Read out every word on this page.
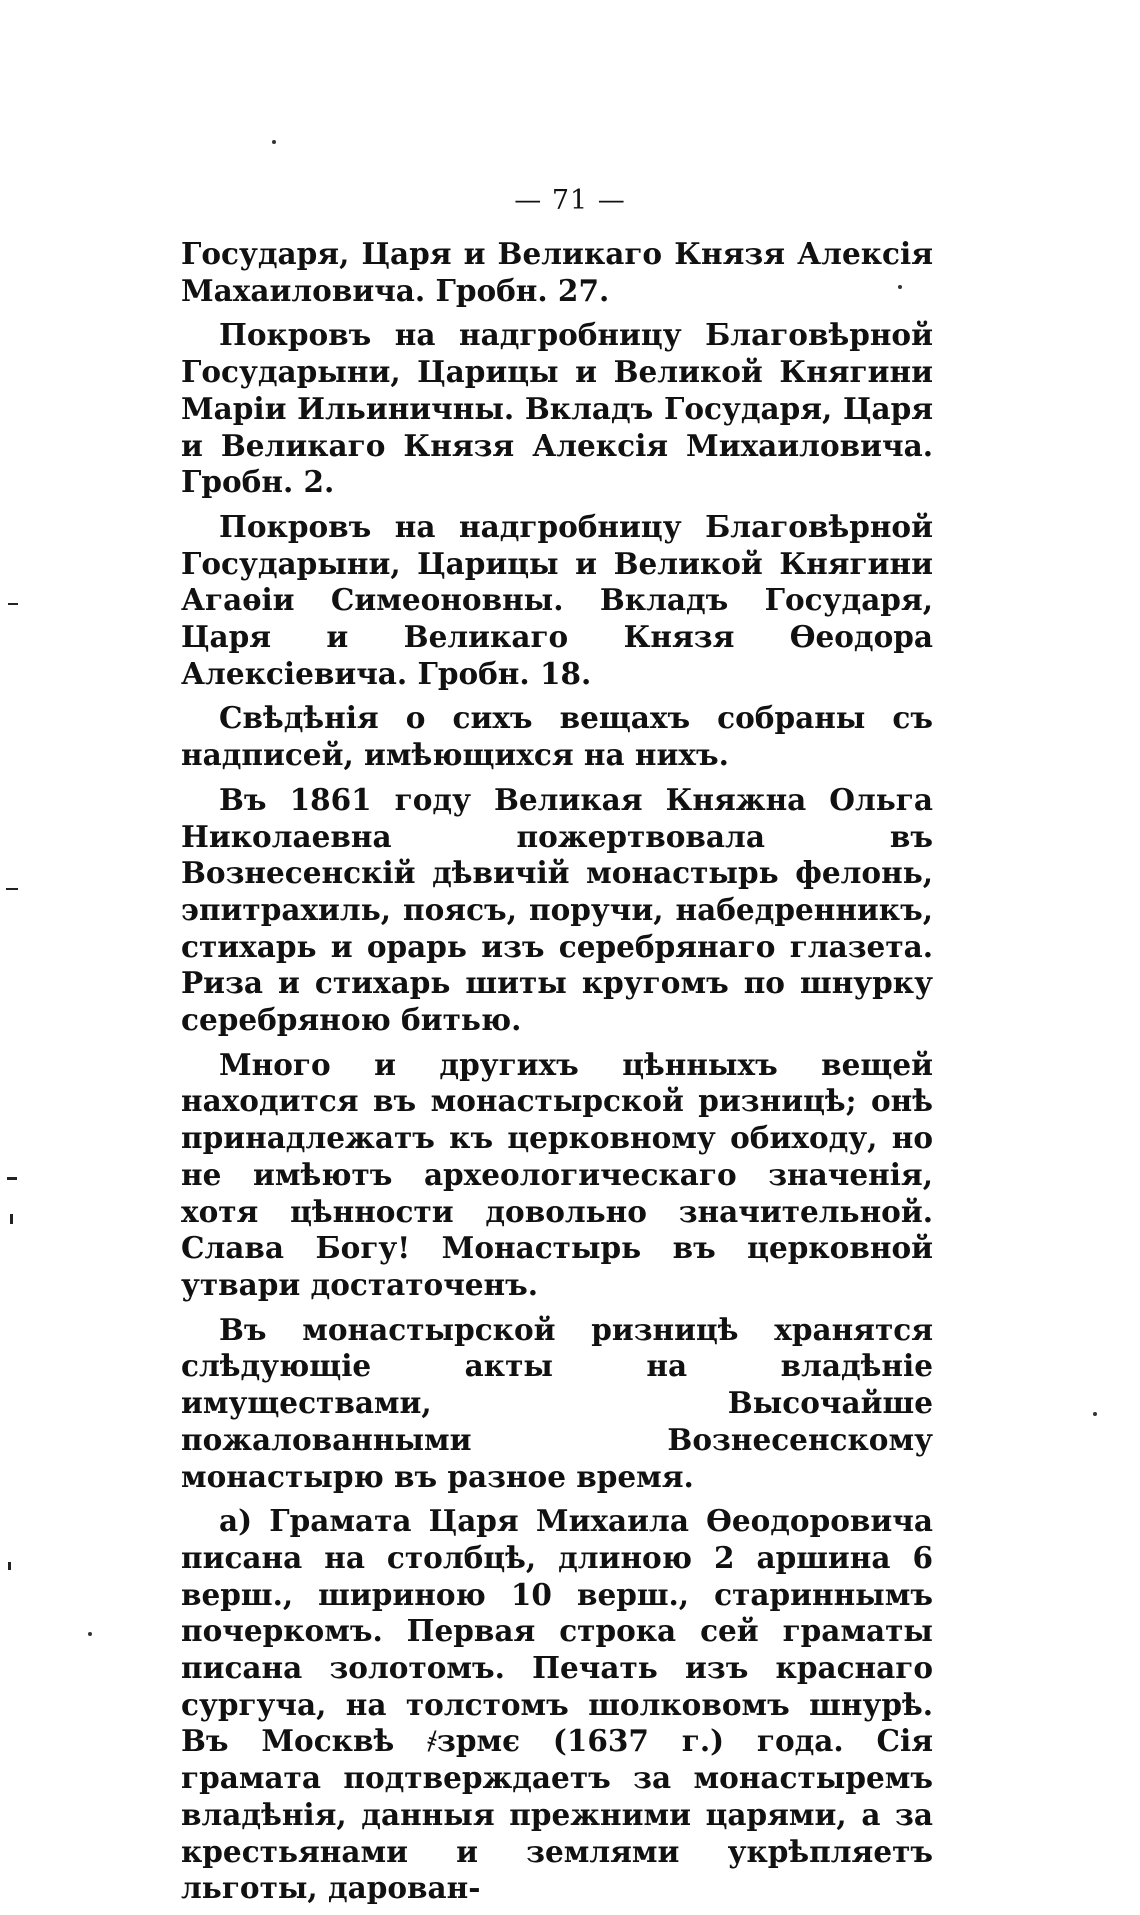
— 71 —

Государя, Царя и Великаго Князя Алексія Махаиловича. Гробн. 27.

Покровъ на надгробницу Благовѣрной Государыни, Царицы и Великой Княгини Маріи Ильиничны. Вкладъ Государя, Царя и Великаго Князя Алексія Михаиловича. Гробн. 2.

Покровъ на надгробницу Благовѣрной Государыни, Царицы и Великой Княгини Агаѳіи Симеоновны. Вкладъ Государя, Царя и Великаго Князя Ѳеодора Алексіевича. Гробн. 18.

Свѣдѣнія о сихъ вещахъ собраны съ надписей, имѣющихся на нихъ.

Въ 1861 году Великая Княжна Ольга Николаевна пожертвовала въ Вознесенскій дѣвичій монастырь фелонь, эпитрахиль, поясъ, поручи, набедренникъ, стихарь и орарь изъ серебрянаго глазета. Риза и стихарь шиты кругомъ по шнурку серебряною битью.

Много и другихъ цѣнныхъ вещей находится въ монастырской ризницѣ; онѣ принадлежатъ къ церковному обиходу, но не имѣютъ археологическаго значенія, хотя цѣнности довольно значительной. Слава Богу! Монастырь въ церковной утвари достаточенъ.

Въ монастырской ризницѣ хранятся слѣдующіе акты на владѣніе имуществами, Высочайше пожалованными Вознесенскому монастырю въ разное время.

а) Грамата Царя Михаила Ѳеодоровича писана на столбцѣ, длиною 2 аршина 6 верш., шириною 10 верш., стариннымъ почеркомъ. Первая строка сей граматы писана золотомъ. Печать изъ краснаго сургуча, на толстомъ шолковомъ шнурѣ. Въ Москвѣ ҂зрмє (1637 г.) года. Сія грамата подтверждаетъ за монастыремъ владѣнія, данныя прежними царями, а за крестьянами и землями укрѣпляетъ льготы, дарован-
